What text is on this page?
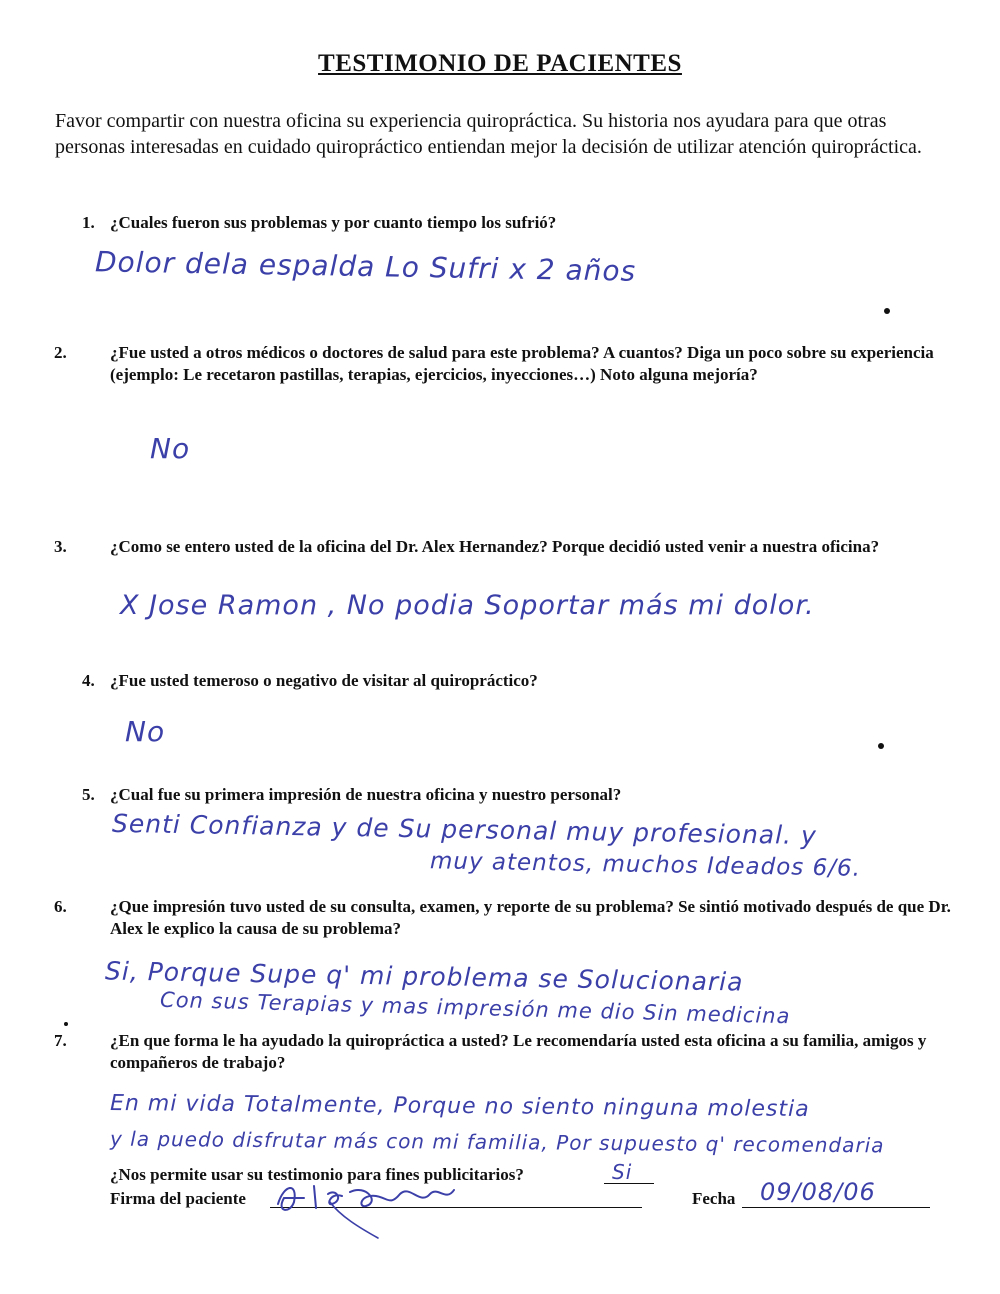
TESTIMONIO DE PACIENTES
Favor compartir con nuestra oficina su experiencia quiropráctica. Su historia nos ayudara para que otras personas interesadas en cuidado quiropráctico entiendan mejor la decisión de utilizar atención quiropráctica.
1. ¿Cuales fueron sus problemas y por cuanto tiempo los sufrió?
Dolor dela espalda Lo Sufri x 2 años
2.	¿Fue usted a otros médicos o doctores de salud para este problema? A cuantos? Diga un poco sobre su experiencia (ejemplo: Le recetaron pastillas, terapias, ejercicios, inyecciones…) Noto alguna mejoría?
No
3.	¿Como se entero usted de la oficina del Dr. Alex Hernandez? Porque decidió usted venir a nuestra oficina?
X Jose Ramon , No podia Soportar más mi dolor.
4. ¿Fue usted temeroso o negativo de visitar al quiropráctico?
No
5. ¿Cual fue su primera impresión de nuestra oficina y nuestro personal?
Senti Confianza y de Su personal muy profesional. y
muy atentos, muchos Ideados 6/6.
6.	¿Que impresión tuvo usted de su consulta, examen, y reporte de su problema? Se sintió motivado después de que Dr. Alex le explico la causa de su problema?
Si, Porque Supe q' mi problema se Solucionaria
Con sus Terapias y mas impresión me dio Sin medicina
7.	¿En que forma le ha ayudado la quiropráctica a usted? Le recomendaría usted esta oficina a su familia, amigos y compañeros de trabajo?
En mi vida Totalmente, Porque no siento ninguna molestia
y la puedo disfrutar más con mi familia, Por supuesto q' recomendaria
¿Nos permite usar su testimonio para fines publicitarios?	Si
Firma del paciente	Fecha 09/08/06
